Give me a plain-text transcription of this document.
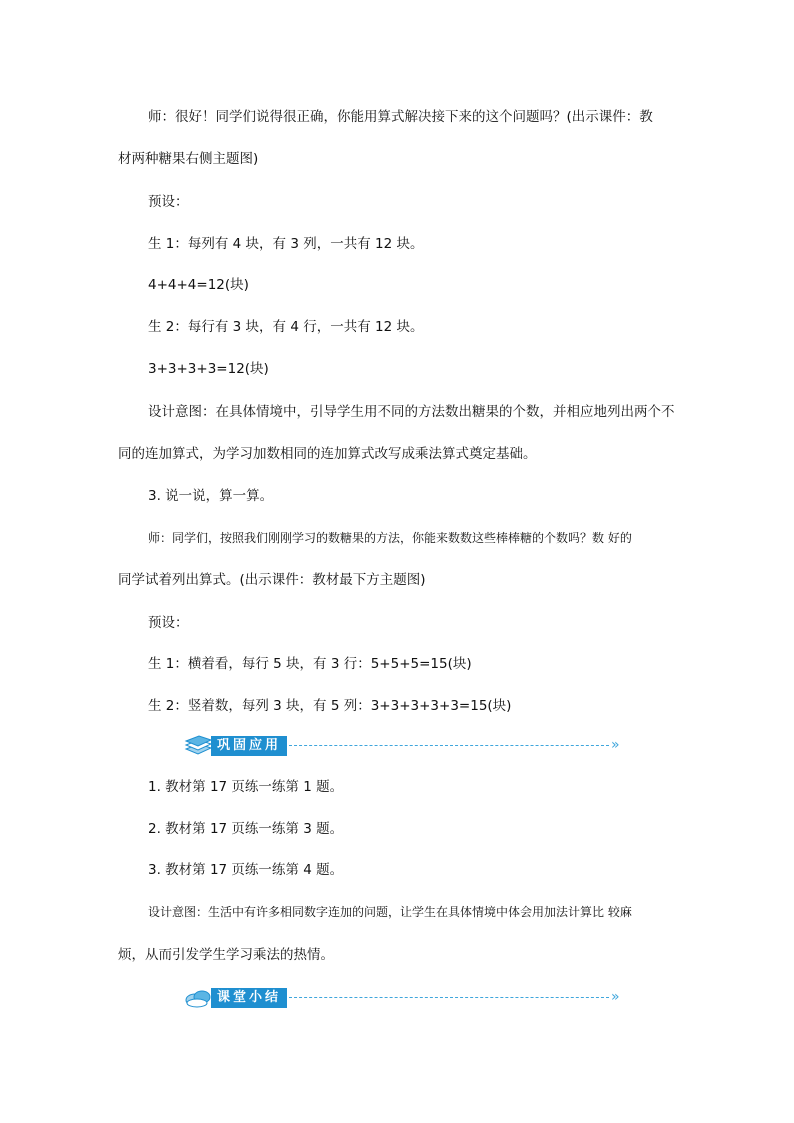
师：很好！同学们说得很正确，你能用算式解决接下来的这个问题吗？(出示课件：教
材两种糖果右侧主题图)
预设：
生 1：每列有 4 块，有 3 列，一共有 12 块。
4+4+4=12(块)
生 2：每行有 3 块，有 4 行，一共有 12 块。
3+3+3+3=12(块)
设计意图：在具体情境中，引导学生用不同的方法数出糖果的个数，并相应地列出两个不
同的连加算式，为学习加数相同的连加算式改写成乘法算式奠定基础。
3. 说一说，算一算。
师：同学们，按照我们刚刚学习的数糖果的方法，你能来数数这些棒棒糖的个数吗？数 好的
同学试着列出算式。(出示课件：教材最下方主题图)
预设：
生 1：横着看，每行 5 块，有 3 行：5+5+5=15(块)
生 2：竖着数，每列 3 块，有 5 列：3+3+3+3+3=15(块)
巩固应用	»
1. 教材第 17 页练一练第 1 题。
2. 教材第 17 页练一练第 3 题。
3. 教材第 17 页练一练第 4 题。
设计意图：生活中有许多相同数字连加的问题，让学生在具体情境中体会用加法计算比 较麻
烦，从而引发学生学习乘法的热情。
课堂小结	»
